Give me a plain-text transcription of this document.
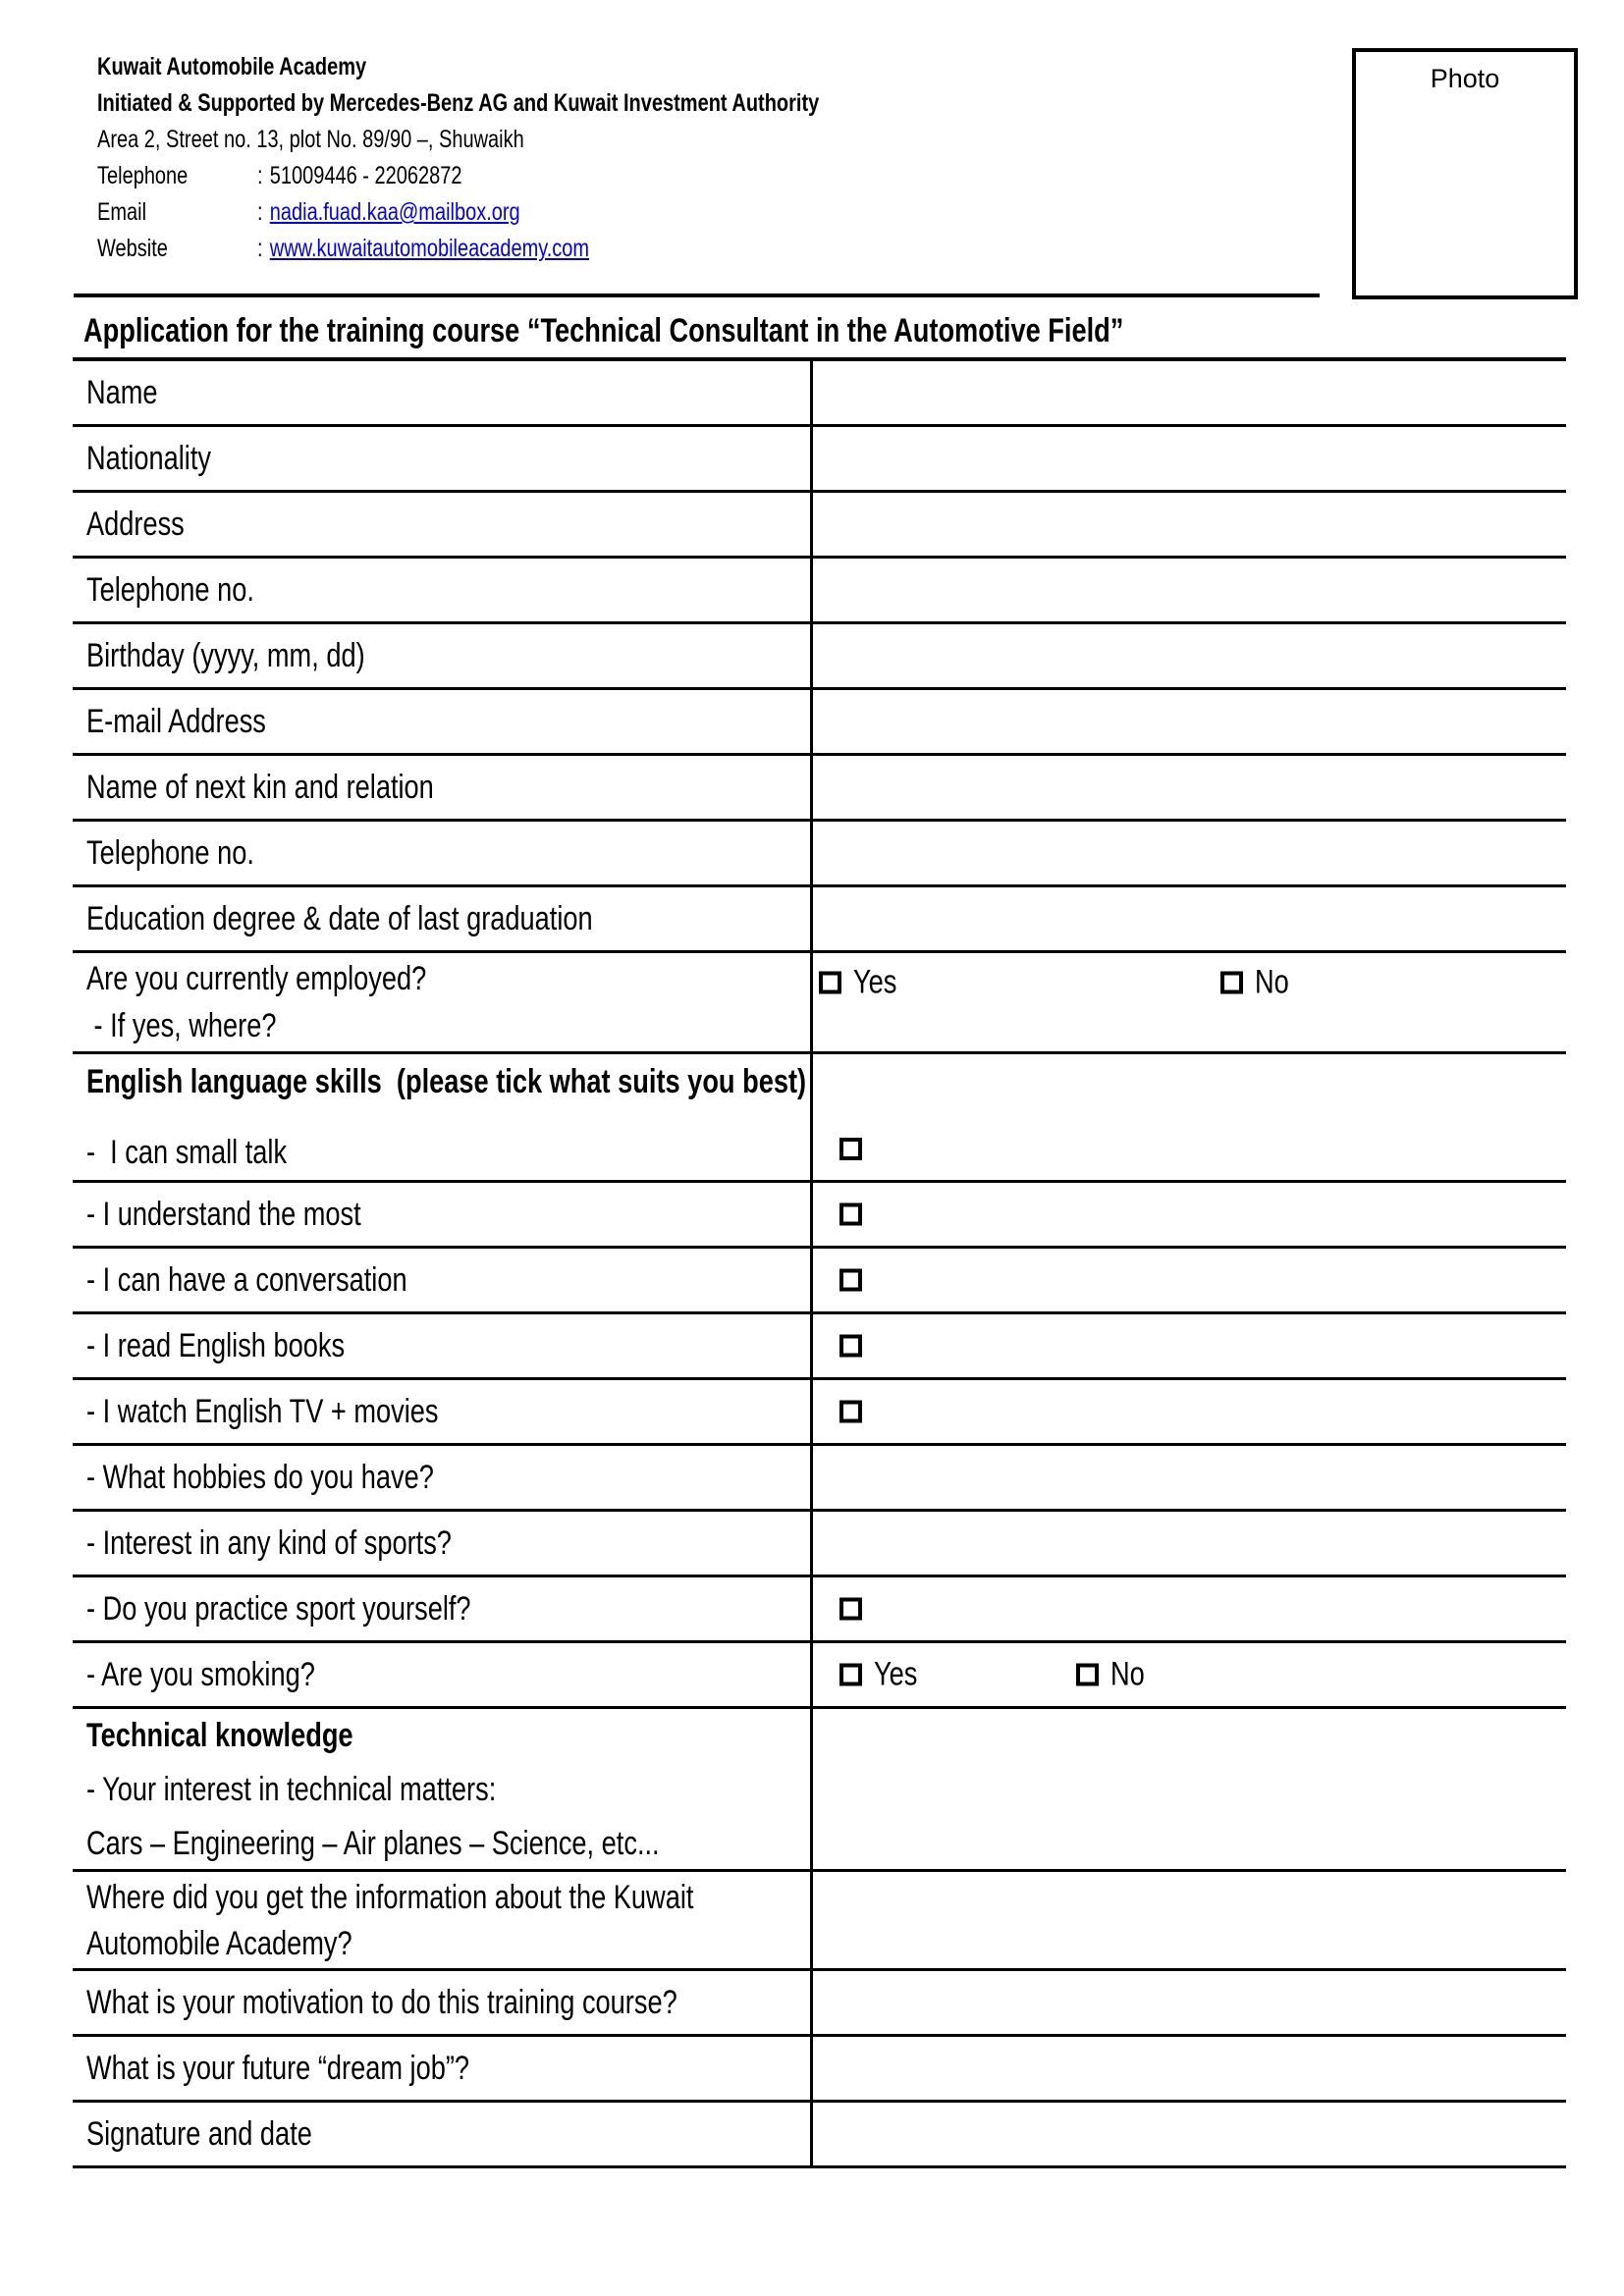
Kuwait Automobile Academy
Initiated & Supported by Mercedes-Benz AG and Kuwait Investment Authority
Area 2, Street no. 13, plot No. 89/90 –, Shuwaikh
Telephone	: 51009446 - 22062872
Email	: nadia.fuad.kaa@mailbox.org
Website	: www.kuwaitautomobileacademy.com
Photo
Application for the training course “Technical Consultant in the Automotive Field”
Name
Nationality
Address
Telephone no.
Birthday (yyyy, mm, dd)
E-mail Address
Name of next kin and relation
Telephone no.
Education degree & date of last graduation
Are you currently employed?
- If yes, where?
Yes	No
English language skills  (please tick what suits you best)
-  I can small talk
- I understand the most
- I can have a conversation
- I read English books
- I watch English TV + movies
- What hobbies do you have?
- Interest in any kind of sports?
- Do you practice sport yourself?
- Are you smoking?	Yes	No
Technical knowledge
- Your interest in technical matters:
Cars – Engineering – Air planes – Science, etc...
Where did you get the information about the Kuwait
Automobile Academy?
What is your motivation to do this training course?
What is your future “dream job”?
Signature and date
